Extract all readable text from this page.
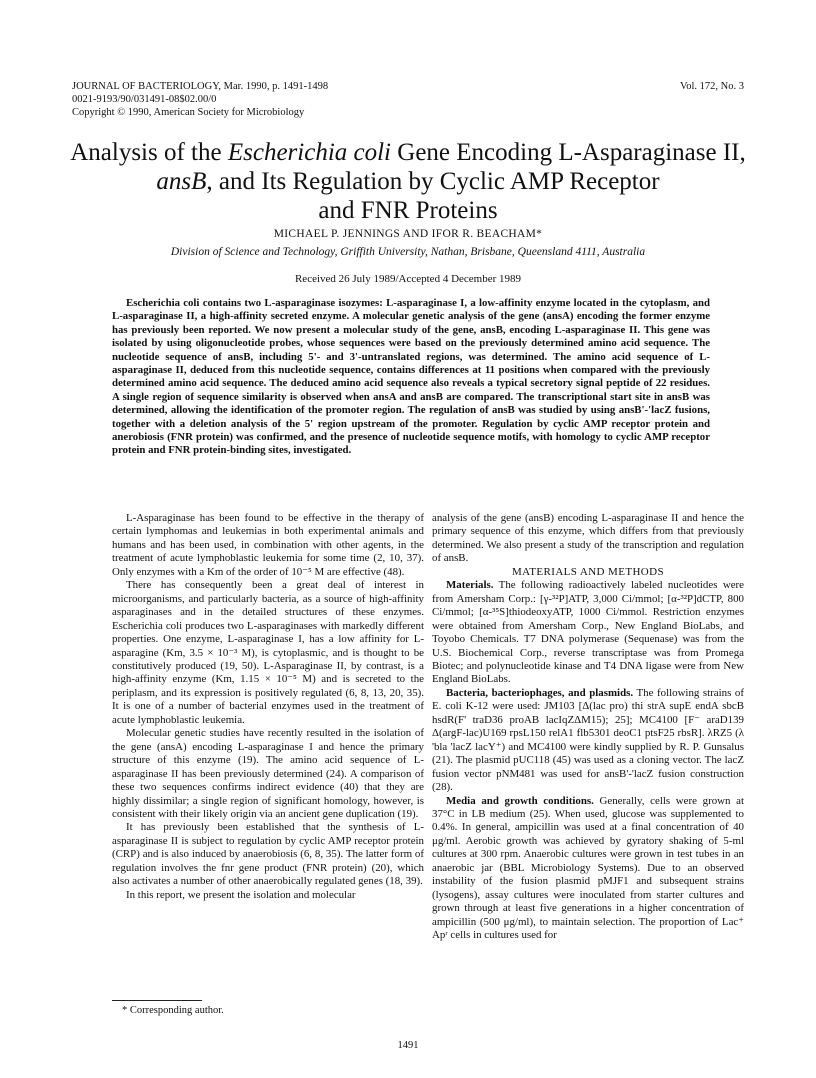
JOURNAL OF BACTERIOLOGY, Mar. 1990, p. 1491-1498
0021-9193/90/031491-08$02.00/0
Copyright © 1990, American Society for Microbiology
Vol. 172, No. 3
Analysis of the Escherichia coli Gene Encoding L-Asparaginase II,
ansB, and Its Regulation by Cyclic AMP Receptor
and FNR Proteins
MICHAEL P. JENNINGS AND IFOR R. BEACHAM*
Division of Science and Technology, Griffith University, Nathan, Brisbane, Queensland 4111, Australia
Received 26 July 1989/Accepted 4 December 1989
Escherichia coli contains two L-asparaginase isozymes: L-asparaginase I, a low-affinity enzyme located in the cytoplasm, and L-asparaginase II, a high-affinity secreted enzyme. A molecular genetic analysis of the gene (ansA) encoding the former enzyme has previously been reported. We now present a molecular study of the gene, ansB, encoding L-asparaginase II. This gene was isolated by using oligonucleotide probes, whose sequences were based on the previously determined amino acid sequence. The nucleotide sequence of ansB, including 5'- and 3'-untranslated regions, was determined. The amino acid sequence of L-asparaginase II, deduced from this nucleotide sequence, contains differences at 11 positions when compared with the previously determined amino acid sequence. The deduced amino acid sequence also reveals a typical secretory signal peptide of 22 residues. A single region of sequence similarity is observed when ansA and ansB are compared. The transcriptional start site in ansB was determined, allowing the identification of the promoter region. The regulation of ansB was studied by using ansB'-'lacZ fusions, together with a deletion analysis of the 5' region upstream of the promoter. Regulation by cyclic AMP receptor protein and anerobiosis (FNR protein) was confirmed, and the presence of nucleotide sequence motifs, with homology to cyclic AMP receptor protein and FNR protein-binding sites, investigated.

L-Asparaginase has been found to be effective in the therapy of certain lymphomas and leukemias in both experimental animals and humans and has been used, in combination with other agents, in the treatment of acute lymphoblastic leukemia for some time (2, 10, 37). Only enzymes with a Km of the order of 10⁻⁵ M are effective (48).

There has consequently been a great deal of interest in microorganisms, and particularly bacteria, as a source of high-affinity asparaginases and in the detailed structures of these enzymes. Escherichia coli produces two L-asparaginases with markedly different properties. One enzyme, L-asparaginase I, has a low affinity for L-asparagine (Km, 3.5 × 10⁻³ M), is cytoplasmic, and is thought to be constitutively produced (19, 50). L-Asparaginase II, by contrast, is a high-affinity enzyme (Km, 1.15 × 10⁻⁵ M) and is secreted to the periplasm, and its expression is positively regulated (6, 8, 13, 20, 35). It is one of a number of bacterial enzymes used in the treatment of acute lymphoblastic leukemia.

Molecular genetic studies have recently resulted in the isolation of the gene (ansA) encoding L-asparaginase I and hence the primary structure of this enzyme (19). The amino acid sequence of L-asparaginase II has been previously determined (24). A comparison of these two sequences confirms indirect evidence (40) that they are highly dissimilar; a single region of significant homology, however, is consistent with their likely origin via an ancient gene duplication (19).

It has previously been established that the synthesis of L-asparaginase II is subject to regulation by cyclic AMP receptor protein (CRP) and is also induced by anaerobiosis (6, 8, 35). The latter form of regulation involves the fnr gene product (FNR protein) (20), which also activates a number of other anaerobically regulated genes (18, 39).

In this report, we present the isolation and molecular

analysis of the gene (ansB) encoding L-asparaginase II and hence the primary sequence of this enzyme, which differs from that previously determined. We also present a study of the transcription and regulation of ansB.

MATERIALS AND METHODS

Materials. The following radioactively labeled nucleotides were from Amersham Corp.: [γ-³²P]ATP, 3,000 Ci/mmol; [α-³²P]dCTP, 800 Ci/mmol; [α-³⁵S]thiodeoxyATP, 1000 Ci/mmol. Restriction enzymes were obtained from Amersham Corp., New England BioLabs, and Toyobo Chemicals. T7 DNA polymerase (Sequenase) was from the U.S. Biochemical Corp., reverse transcriptase was from Promega Biotec; and polynucleotide kinase and T4 DNA ligase were from New England BioLabs.

Bacteria, bacteriophages, and plasmids. The following strains of E. coli K-12 were used: JM103 [Δ(lac pro) thi strA supE endA sbcB hsdR(F' traD36 proAB lacIqZΔM15); 25]; MC4100 [F⁻ araD139 Δ(argF-lac)U169 rpsL150 relA1 flb5301 deoC1 ptsF25 rbsR]. λRZ5 (λ 'bla 'lacZ lacY⁺) and MC4100 were kindly supplied by R. P. Gunsalus (21). The plasmid pUC118 (45) was used as a cloning vector. The lacZ fusion vector pNM481 was used for ansB'-'lacZ fusion construction (28).

Media and growth conditions. Generally, cells were grown at 37°C in LB medium (25). When used, glucose was supplemented to 0.4%. In general, ampicillin was used at a final concentration of 40 μg/ml. Aerobic growth was achieved by gyratory shaking of 5-ml cultures at 300 rpm. Anaerobic cultures were grown in test tubes in an anaerobic jar (BBL Microbiology Systems). Due to an observed instability of the fusion plasmid pMJF1 and subsequent strains (lysogens), assay cultures were inoculated from starter cultures and grown through at least five generations in a higher concentration of ampicillin (500 μg/ml), to maintain selection. The proportion of Lac⁺ Apʳ cells in cultures used for

* Corresponding author.
1491
